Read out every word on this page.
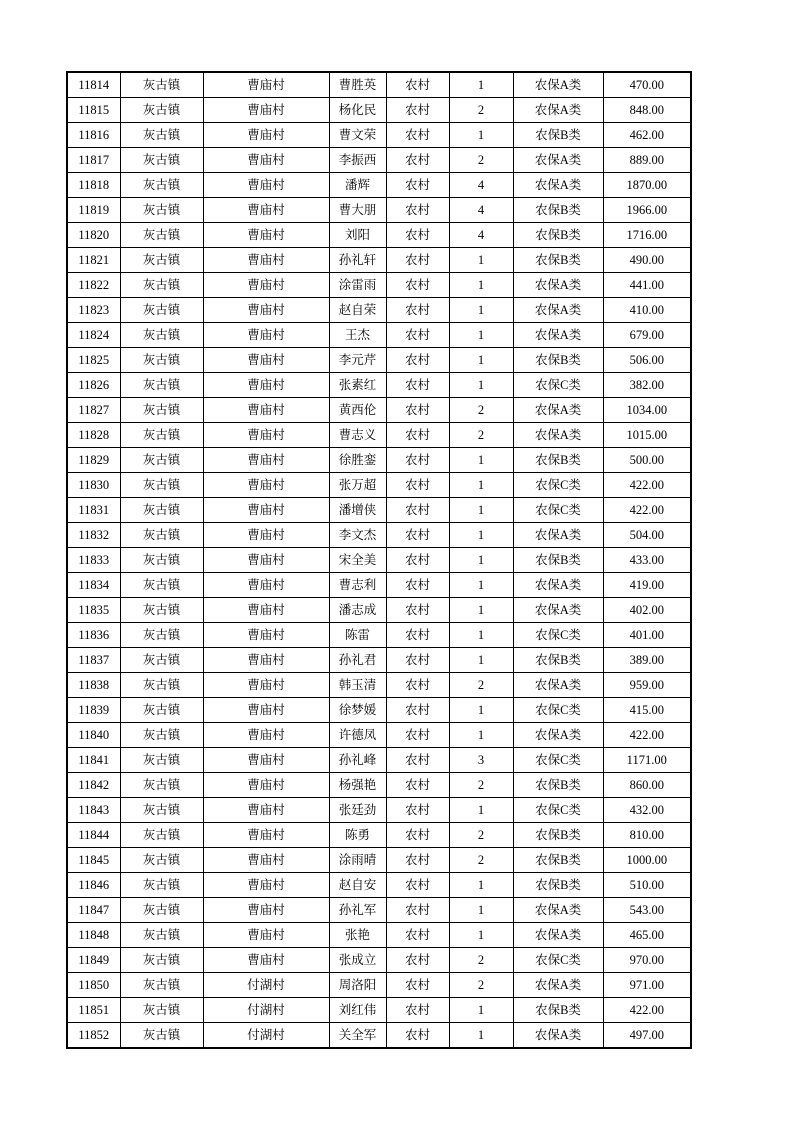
11814	灰古镇	曹庙村	曹胜英	农村	1	农保A类	470.00
11815	灰古镇	曹庙村	杨化民	农村	2	农保A类	848.00
11816	灰古镇	曹庙村	曹文荣	农村	1	农保B类	462.00
11817	灰古镇	曹庙村	李振西	农村	2	农保A类	889.00
11818	灰古镇	曹庙村	潘辉	农村	4	农保A类	1870.00
11819	灰古镇	曹庙村	曹大朋	农村	4	农保B类	1966.00
11820	灰古镇	曹庙村	刘阳	农村	4	农保B类	1716.00
11821	灰古镇	曹庙村	孙礼轩	农村	1	农保B类	490.00
11822	灰古镇	曹庙村	涂雷雨	农村	1	农保A类	441.00
11823	灰古镇	曹庙村	赵自荣	农村	1	农保A类	410.00
11824	灰古镇	曹庙村	王杰	农村	1	农保A类	679.00
11825	灰古镇	曹庙村	李元芹	农村	1	农保B类	506.00
11826	灰古镇	曹庙村	张素红	农村	1	农保C类	382.00
11827	灰古镇	曹庙村	黄西伦	农村	2	农保A类	1034.00
11828	灰古镇	曹庙村	曹志义	农村	2	农保A类	1015.00
11829	灰古镇	曹庙村	徐胜銮	农村	1	农保B类	500.00
11830	灰古镇	曹庙村	张万超	农村	1	农保C类	422.00
11831	灰古镇	曹庙村	潘增侠	农村	1	农保C类	422.00
11832	灰古镇	曹庙村	李文杰	农村	1	农保A类	504.00
11833	灰古镇	曹庙村	宋全美	农村	1	农保B类	433.00
11834	灰古镇	曹庙村	曹志利	农村	1	农保A类	419.00
11835	灰古镇	曹庙村	潘志成	农村	1	农保A类	402.00
11836	灰古镇	曹庙村	陈雷	农村	1	农保C类	401.00
11837	灰古镇	曹庙村	孙礼君	农村	1	农保B类	389.00
11838	灰古镇	曹庙村	韩玉清	农村	2	农保A类	959.00
11839	灰古镇	曹庙村	徐梦媛	农村	1	农保C类	415.00
11840	灰古镇	曹庙村	许德凤	农村	1	农保A类	422.00
11841	灰古镇	曹庙村	孙礼峰	农村	3	农保C类	1171.00
11842	灰古镇	曹庙村	杨强艳	农村	2	农保B类	860.00
11843	灰古镇	曹庙村	张廷劲	农村	1	农保C类	432.00
11844	灰古镇	曹庙村	陈勇	农村	2	农保B类	810.00
11845	灰古镇	曹庙村	涂雨晴	农村	2	农保B类	1000.00
11846	灰古镇	曹庙村	赵自安	农村	1	农保B类	510.00
11847	灰古镇	曹庙村	孙礼军	农村	1	农保A类	543.00
11848	灰古镇	曹庙村	张艳	农村	1	农保A类	465.00
11849	灰古镇	曹庙村	张成立	农村	2	农保C类	970.00
11850	灰古镇	付湖村	周洛阳	农村	2	农保A类	971.00
11851	灰古镇	付湖村	刘红伟	农村	1	农保B类	422.00
11852	灰古镇	付湖村	关全军	农村	1	农保A类	497.00
